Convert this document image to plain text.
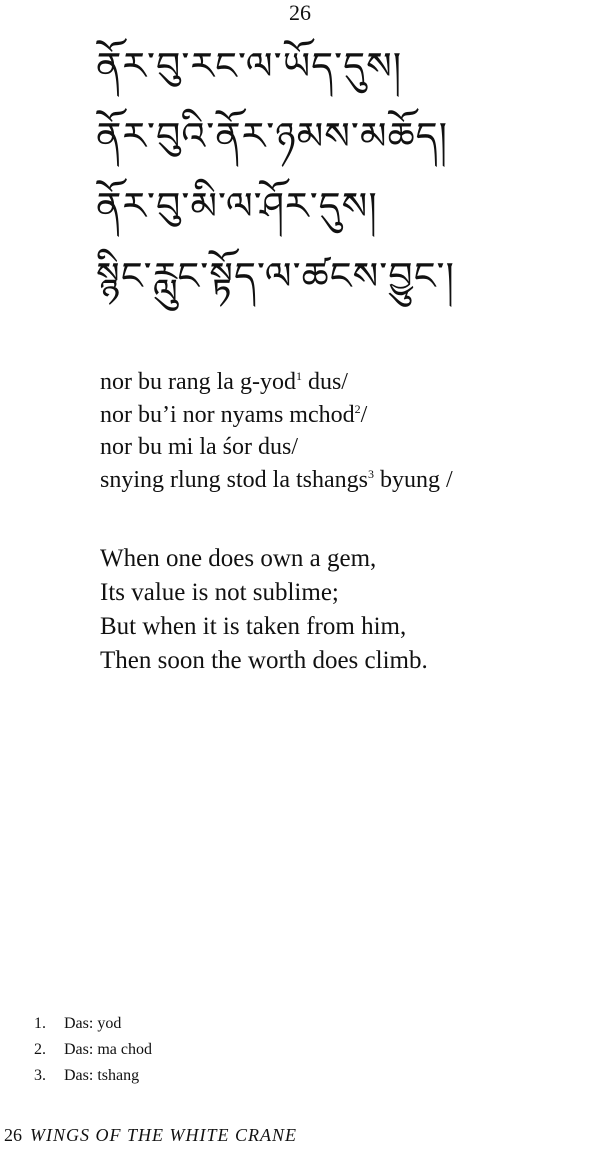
26
ནོར་བུ་རང་ལ་ཡོད་དུས།
ནོར་བུའི་ནོར་ཉམས་མཆོད།
ནོར་བུ་མི་ལ་ཤོར་དུས།
སྙིང་རླུང་སྟོད་ལ་ཚངས་བྱུང་།
nor bu rang la g-yod$^1$ dus/
nor bu’i nor nyams mchod$^2$/
nor bu mi la śor dus/
snying rlung stod la tshangs$^3$ byung /
When one does own a gem,
Its value is not sublime;
But when it is taken from him,
Then soon the worth does climb.
1. Das: yod
2. Das: ma chod
3. Das: tshang
26 WINGS OF THE WHITE CRANE
